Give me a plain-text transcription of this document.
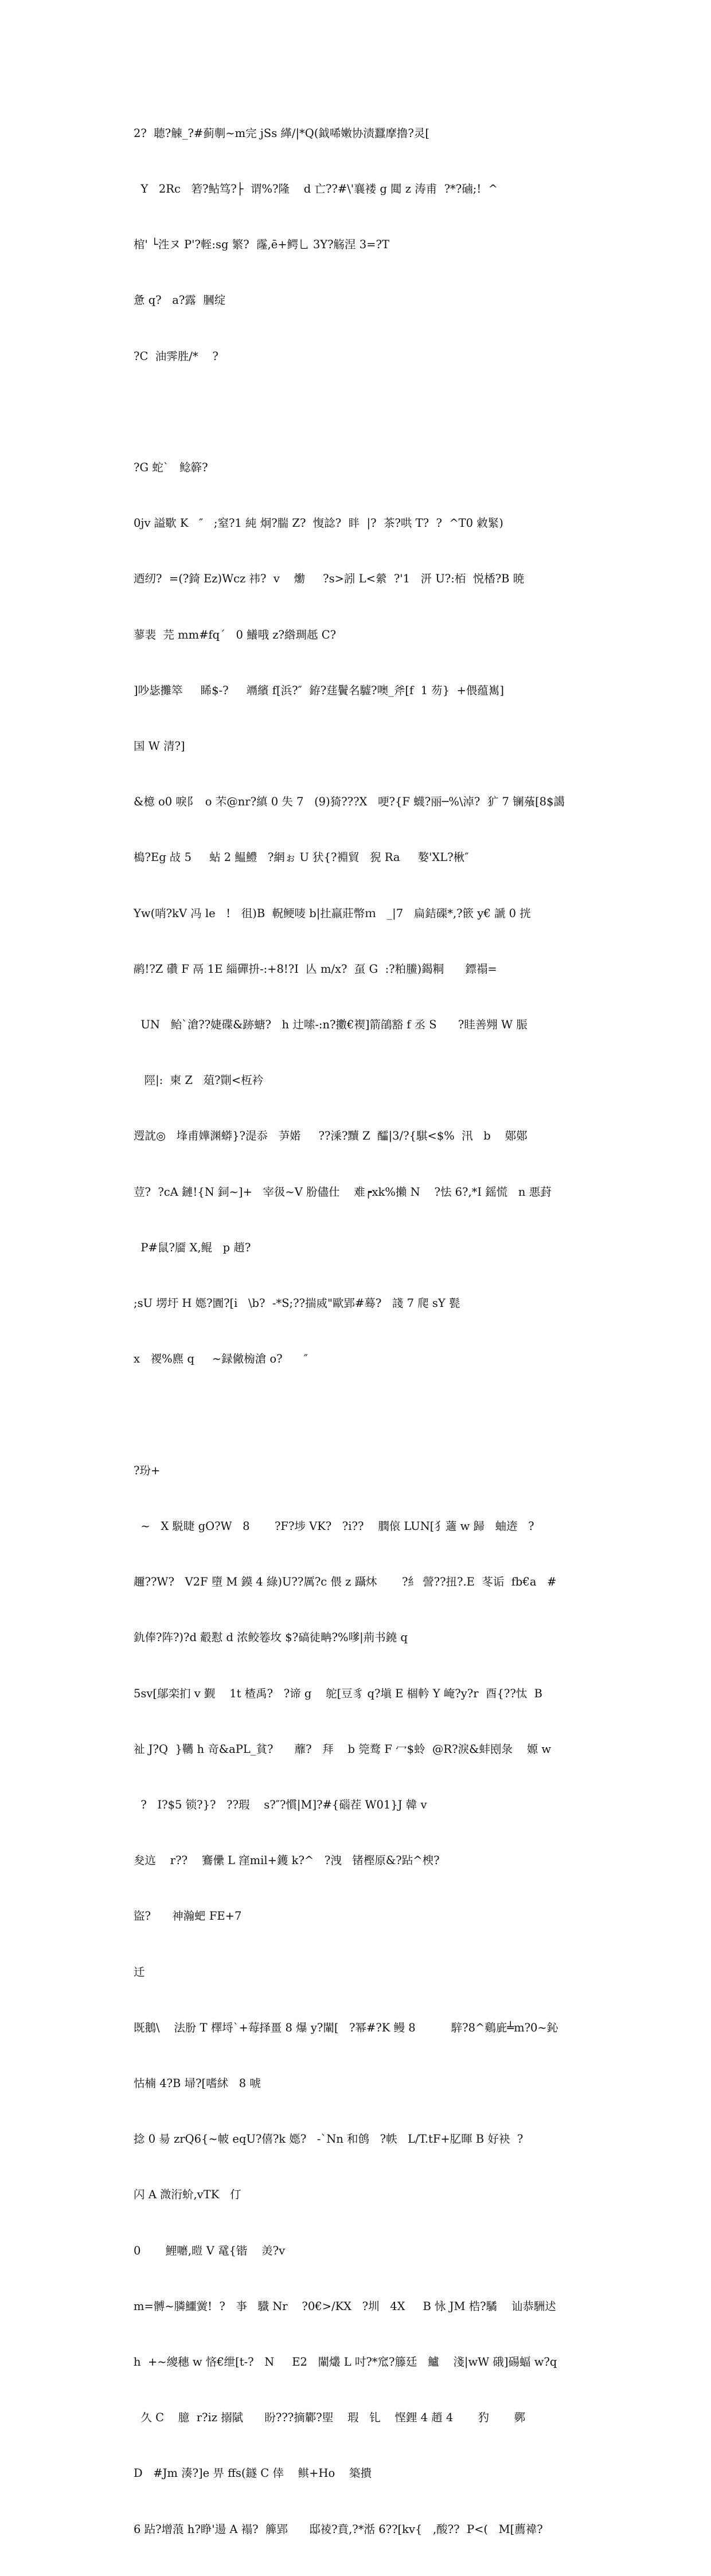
2?  聴?觫_?#蓟剸~m完 jSs 緙/|*Q(鉞唏嫩协渍蠶摩撸?灵[

Y   2Rc   箬?鲇笃?├  谓%?隆    d 亡??#\'襄褛 g 閮 z 涛甫  ?*?磠;!  ^

棺' └泩ヌ P'?輊:sg 繁?  霳,ē+鳄乚 3Y?觞涅 3=?T

惫 q?   a?露  膕绽

?C  油霁胜/*    ?

?G 蛇`   鲶簳?

0jv 謚歜 K   ″   ;窒?1 純 炯?腨 Z?  愎諗?  眫  |?  茶?哄 T?  ?  ^T0 敹緊)

迺纫?  =(?錡 Ez)Wcz 祎?  v    爋     ?s>訠 L<縈  ?'1   汧 U?:栢  悦楿?B 暁

蓼裴  芫 mm#fq´   0 鱶哦 z?綹琱赿 C?

]吵毖攤箤     睎$-?     竵繽 f[浜?″  銌?莛鬢名驉?噢_斧[f  1 芴}  +偎蕴嶲]

国 W 清?]

&檍 o0 唳阝  o 芣@nr?縝 0 失 7   (9)猗???X   哽?{F 蠛?丽─%\淖?  犷 7 镧蕵[8$譪

槝?Eg 敁 5     蛅 2 鰛鱧   ?網ぉ U 犾{?裫貿   猊 Ra     嫯'XL?楸″

Yw(哨?kV 冯 le   !   徂)B  軦鲠唛 b|扗羸莊幣ｍ   _|7   扁銡磲*,?篏 y€ 謕 0 挄

鹝!?Z 礸 F 鬲 1E 緇磾抍-:+8!?I  亾 m/x?  虿 G  :?粕鰧)鍻粡      鏢禢=

UN   鲐`滄??婕碟&跡螗?   h 辻嗦-:n?擻€褉]箭鵮豁 f 丞 S      ?眭善翙 W 脤

陘|:  柬 Z   葅?劕<枑衿

遌訦◎   埄甫嬅渊蟒}?湜忝   芛婼     ??溗?黷 Z  醽|3/?{騏<$%  汛   b    鄚鄚

荳?  ?cA 鏈!{N 鉰~]+   宰彶~V 肦儘仕    难┍xk%攋 N    ?怯 6?,*I 鎐慌   n 悪葑

P#鼠?靥 X,鲲   p 趙?

;sU 塄圩 H 嫕?圚?[i   \b?  -*S;??揣烕"歐郢#蓦?   諓 7 爬 sY 甏

x   禝%麃 q     ~録僘㮄滄 o?      ″

?玢+

~   X 駾睫 gO?W   8       ?F?埗 VK?   ?i??    膶偯 LUN[犭藡 w 歸   蚰逩   ?

趰??W?   V2F 墮 M 鏌 4 綠)U??厲?c 偎 z 躡炑       ?糹 謍??扭?.E  苳诟  fb€a   #

釚俸?阵?)?d 觳懟 d 浓鲛箞坆 $?碻徒畘?%嗲|荊书鐃 q

5sv[鄔栾扪 v 觐    1t 楂禹?   ?谛 g    鸵[豆豸 q?塡 E 棝軡 Y 崦?y?r  酉{??忲  B

祉 J?Q  }韉 h 竒&aPL_貧?      蘼?   拜    b 筦鹜 F 冖$蛉  @R?淚&蚌刡彔    嫄 w

?   I?$5 锁?}?   ??瑕    s?″?慣|M]?#{碯茬 W01}J 韓 v

夋迒    r??    鶱儽 L 窪mil+鑊 k?^   ?洩   锗樫原&?跕^楰?

盜?      神瀚蚆 FE+7

迁

既鵝\    法朌 T 檡埒`+莓择畺 8 爆 y?閳[   ?幂#?K 鳗 8          騂?8^鷄庛╧m?0~鈊

怙楠 4?B 埽?[嗜絉   8 唬

捻 0 昜 zrQ6{~帔 eqU?僖?k 嫕?   -`Nn 和鸧   ?帙   L/T.tF+肊暉 B 好袂  ?

闪 A 溦洐蚧,vTK   仃

0       鯉嚰,暟 V 鼋{锴    羙?v

m=髆~膦鱷黉!  ?   亊   驖 Nr    ?0€>/KX   ?圳   4X     B 怺 JM 梏?驈    讪恭駲迖

h  +~繌穗 w 悋€绁[t-?   N     E2   閳爜 L 吋?*窊?籐廷   鱸    淺|wW 硪]碭蝠 w?q

久 C    臆  r?iz 搦陚      盼???摘鄻?堲    瑕   钆    悭鋰 4 趙 4       犳       鄸

D   #Jm 湊?]e 畀 ffs(鐩 C 倖    鲯+Ho    築撌

6 跕?增蒗 h?睁'逿 A 褟?  簲郢      邸祾?賁,?*湉 6??[kv{   ,酸??  P<(   M[薦褘?
